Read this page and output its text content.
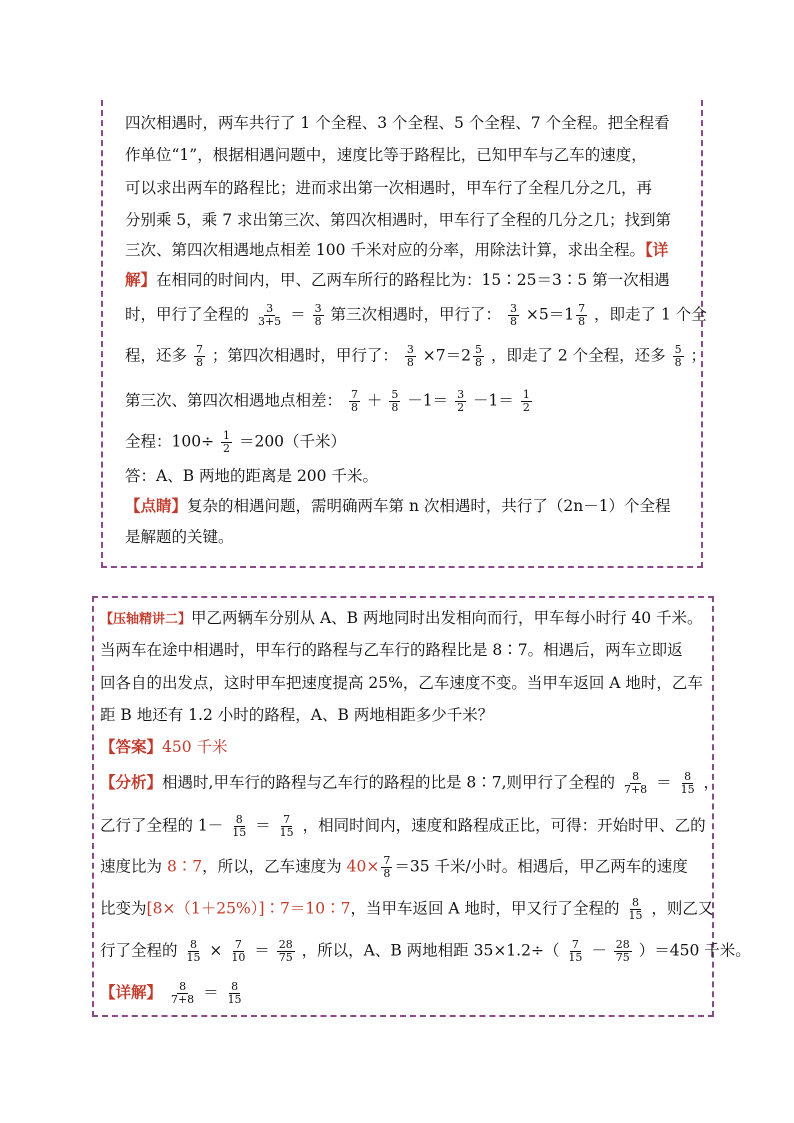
四次相遇时，两车共行了 1 个全程、3 个全程、5 个全程、7 个全程。把全程看
作单位“1”，根据相遇问题中，速度比等于路程比，已知甲车与乙车的速度，
可以求出两车的路程比；进而求出第一次相遇时，甲车行了全程几分之几，再
分别乘 5，乘 7 求出第三次、第四次相遇时，甲车行了全程的几分之几；找到第
三次、第四次相遇地点相差 100 千米对应的分率，用除法计算，求出全程。【详
解】在相同的时间内，甲、乙两车所行的路程比为：15∶25＝3∶5 第一次相遇
时，甲行了全程的 $\frac{3}{3+5} = \frac{3}{8}$ 第三次相遇时，甲行了： $\frac{3}{8} \times 5=1 \frac{7}{8}$ ，即走了 1 个全
程，还多 $\frac{7}{8}$ ；第四次相遇时，甲行了： $\frac{3}{8} \times 7=2 \frac{5}{8}$ ，即走了 2 个全程，还多 $\frac{5}{8}$ ；
第三次、第四次相遇地点相差： $\frac{7}{8} + \frac{5}{8} -1= \frac{3}{2} -1= \frac{1}{2}$
全程：$100\div \frac{1}{2} =200$（千米）
答：A、B 两地的距离是 200 千米。
【点睛】复杂的相遇问题，需明确两车第 n 次相遇时，共行了（2n－1）个全程
是解题的关键。
【压轴精讲二】甲乙两辆车分别从 A、B 两地同时出发相向而行，甲车每小时行 40 千米。
当两车在途中相遇时，甲车行的路程与乙车行的路程比是 8∶7。相遇后，两车立即返
回各自的出发点，这时甲车把速度提高 25%，乙车速度不变。当甲车返回 A 地时，乙车
距 B 地还有 1.2 小时的路程，A、B 两地相距多少千米？
【答案】450 千米
【分析】相遇时,甲车行的路程与乙车行的路程的比是 8∶7,则甲行了全程的 $\frac{8}{7+8} = \frac{8}{15}$ ，
乙行了全程的 $1- \frac{8}{15} = \frac{7}{15}$ ，相同时间内，速度和路程成正比，可得：开始时甲、乙的
速度比为 8∶7，所以，乙车速度为 $40\times \frac{7}{8} =35$ 千米/小时。相遇后，甲乙两车的速度
比变为[8×（1＋25%）]∶7＝10∶7，当甲车返回 A 地时，甲又行了全程的 $\frac{8}{15}$ ，则乙又
行了全程的 $\frac{8}{15} \times \frac{7}{10} = \frac{28}{75}$ ，所以，A、B 两地相距 $35\times 1.2\div( \frac{7}{15} - \frac{28}{75} )=450$ 千米。
【详解】 $\frac{8}{7+8} = \frac{8}{15}$
